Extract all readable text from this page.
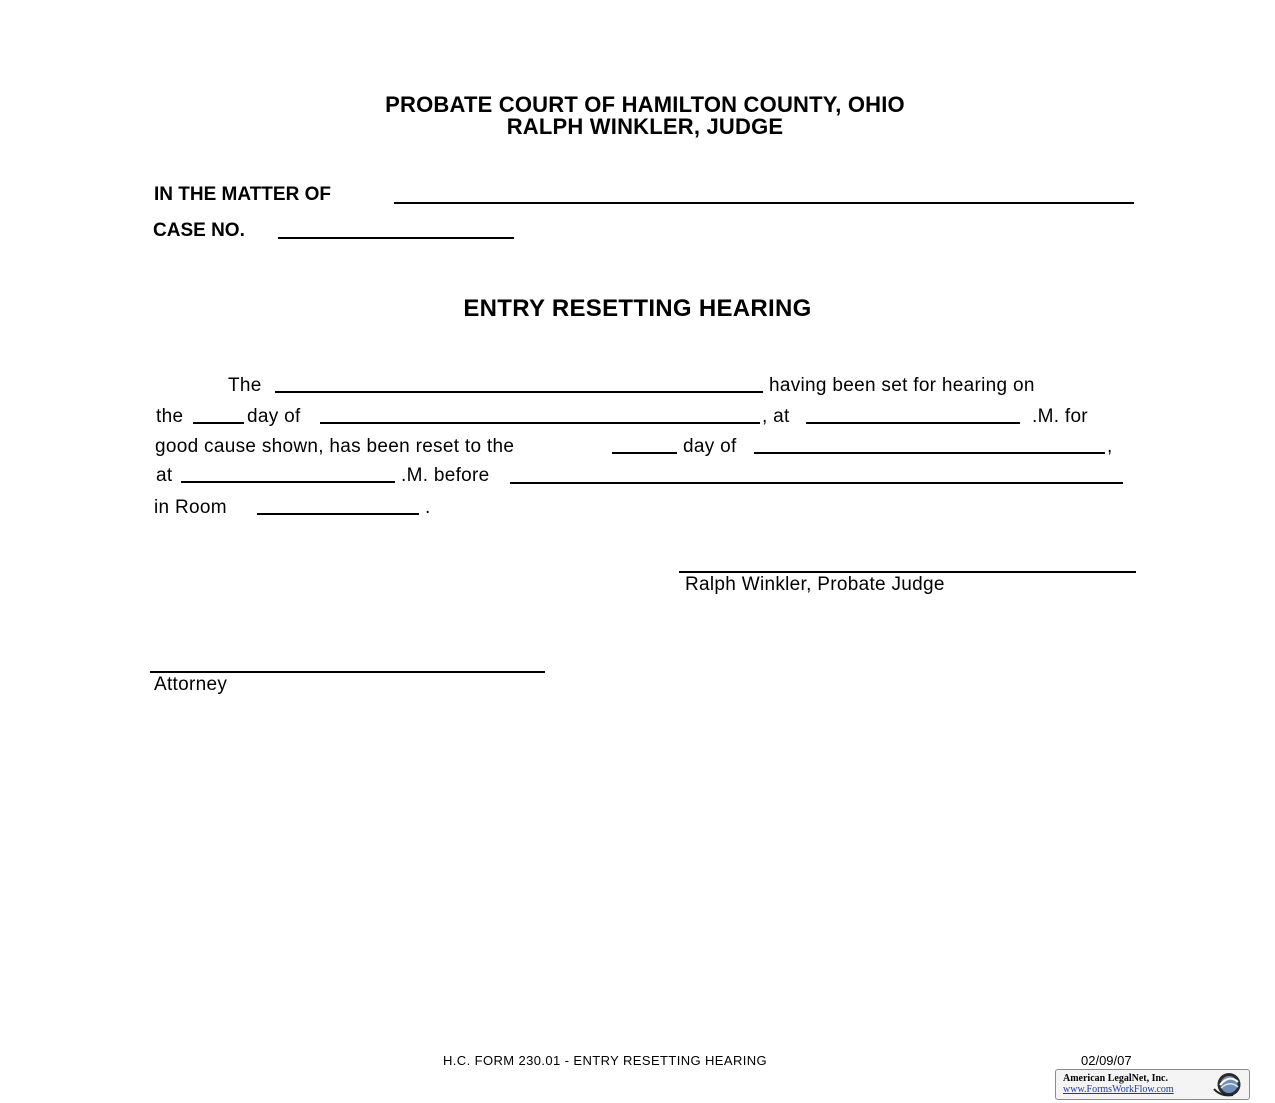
PROBATE COURT OF HAMILTON COUNTY, OHIO
RALPH WINKLER, JUDGE
IN THE MATTER OF
CASE NO.
ENTRY RESETTING HEARING
The	having been set for hearing on
the	day of	, at	.M. for
good cause shown, has been reset to the	day of	,
at	.M. before
in Room	.
Ralph Winkler, Probate Judge
Attorney
H.C. FORM 230.01 - ENTRY RESETTING HEARING	02/09/07
American LegalNet, Inc.
www.FormsWorkFlow.com
